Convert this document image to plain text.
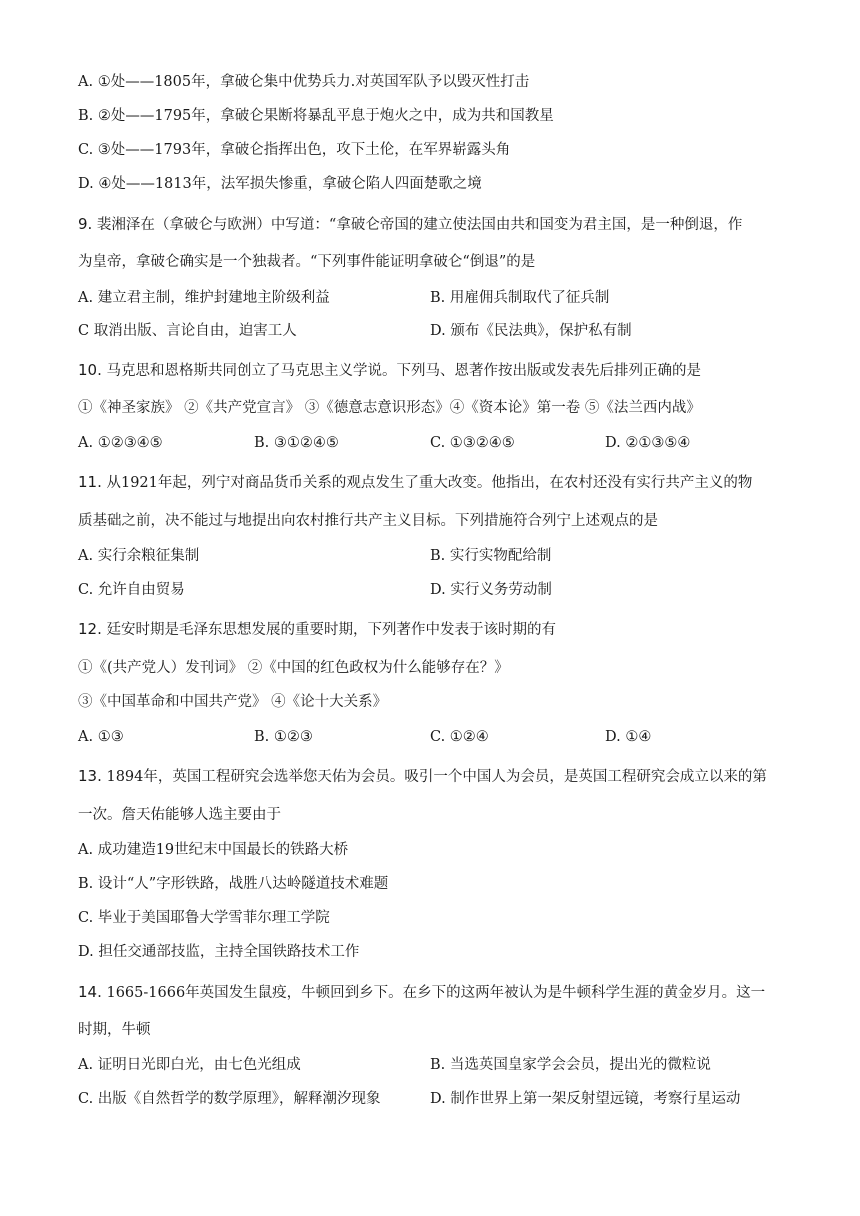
A. ①处——1805年，拿破仑集中优势兵力.对英国军队予以毁灭性打击
B. ②处——1795年，拿破仑果断将暴乱平息于炮火之中，成为共和国教星
C. ③处——1793年，拿破仑指挥出色，攻下土伦，在军界崭露头角
D. ④处——1813年，法军损失惨重，拿破仑陷人四面楚歌之境
9. 裴湘泽在（拿破仑与欧洲）中写道：“拿破仑帝国的建立使法国由共和国变为君主国，是一种倒退，作
为皇帝，拿破仑确实是一个独裁者。“下列事件能证明拿破仑“倒退”的是
A. 建立君主制，维护封建地主阶级利益	B. 用雇佣兵制取代了征兵制
C 取消出版、言论自由，迫害工人	D. 颁布《民法典》，保护私有制
10. 马克思和恩格斯共同创立了马克思主义学说。下列马、恩著作按出版或发表先后排列正确的是
①《神圣家族》 ②《共产党宣言》 ③《德意志意识形态》④《资本论》第一卷 ⑤《法兰西内战》
A. ①②③④⑤	B. ③①②④⑤	C. ①③②④⑤	D. ②①③⑤④
11. 从1921年起，列宁对商品货币关系的观点发生了重大改变。他指出，在农村还没有实行共产主义的物
质基础之前，决不能过与地提出向农村推行共产主义目标。下列措施符合列宁上述观点的是
A. 实行余粮征集制	B. 实行实物配给制
C. 允许自由贸易	D. 实行义务劳动制
12. 廷安时期是毛泽东思想发展的重要时期，下列著作中发表于该时期的有
①《(共产党人）发刊词》 ②《中国的红色政权为什么能够存在？》
③《中国革命和中国共产党》 ④《论十大关系》
A. ①③	B. ①②③	C. ①②④	D. ①④
13. 1894年，英国工程研究会选举您天佑为会员。吸引一个中国人为会员，是英国工程研究会成立以来的第
一次。詹天佑能够人选主要由于
A. 成功建造19世纪末中国最长的铁路大桥
B. 设计“人”字形铁路，战胜八达岭隧道技术难题
C. 毕业于美国耶鲁大学雪菲尔理工学院
D. 担任交通部技监，主持全国铁路技术工作
14. 1665-1666年英国发生鼠疫，牛顿回到乡下。在乡下的这两年被认为是牛顿科学生涯的黄金岁月。这一
时期，牛顿
A. 证明日光即白光，由七色光组成	B. 当选英国皇家学会会员，提出光的微粒说
C. 出版《自然哲学的数学原理》，解释潮汐现象	D. 制作世界上第一架反射望远镜，考察行星运动
